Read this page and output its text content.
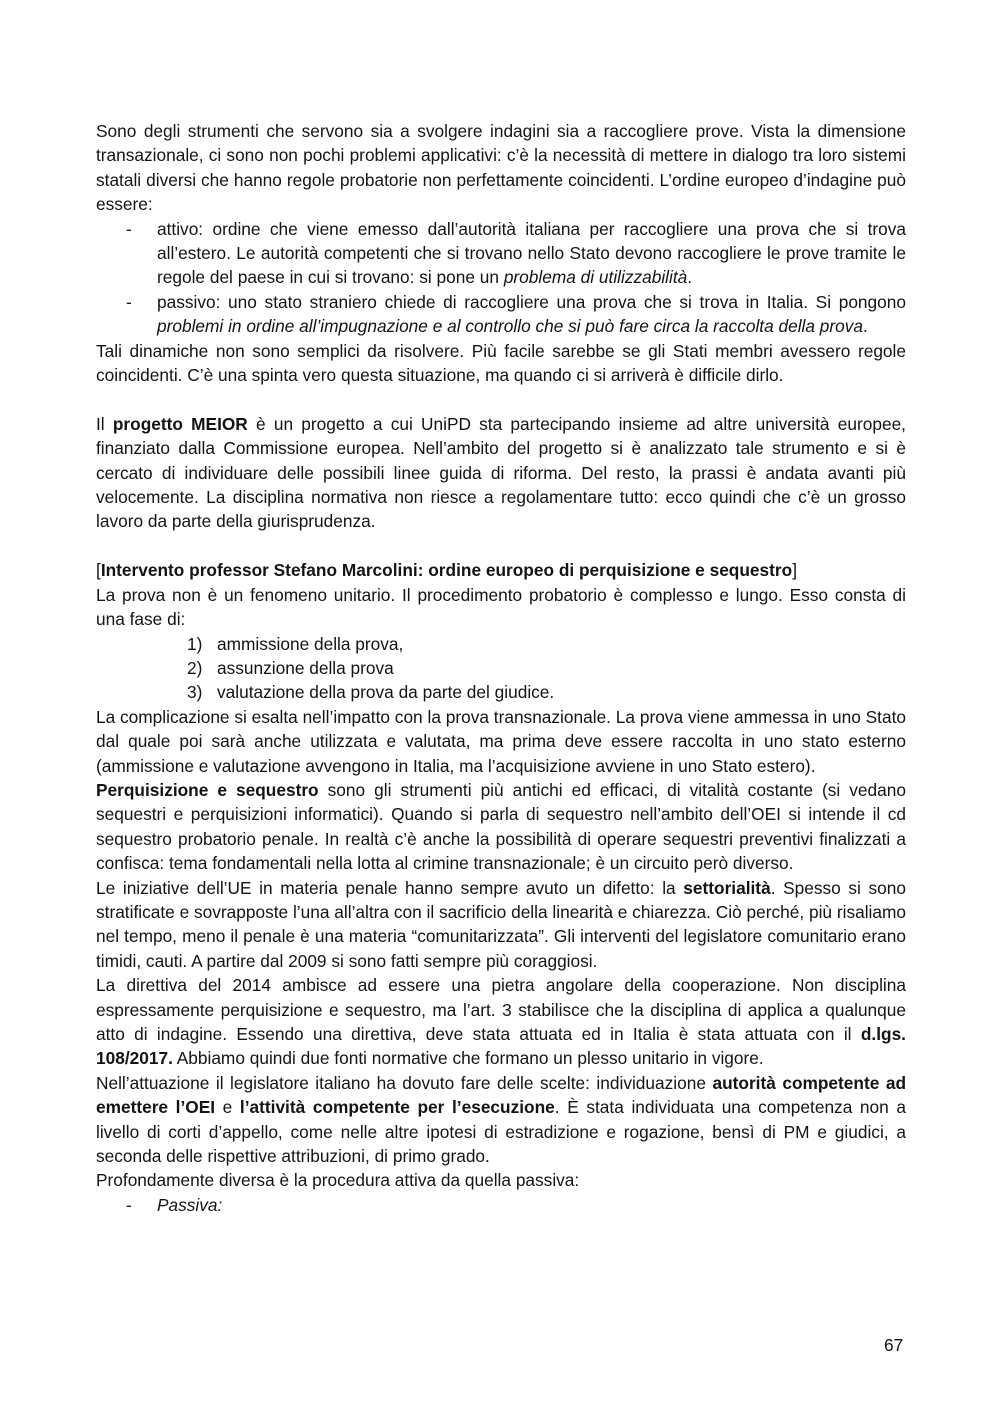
Sono degli strumenti che servono sia a svolgere indagini sia a raccogliere prove. Vista la dimensione transazionale, ci sono non pochi problemi applicativi: c’è la necessità di mettere in dialogo tra loro sistemi statali diversi che hanno regole probatorie non perfettamente coincidenti. L’ordine europeo d’indagine può essere:

- attivo: ordine che viene emesso dall’autorità italiana per raccogliere una prova che si trova all’estero. Le autorità competenti che si trovano nello Stato devono raccogliere le prove tramite le regole del paese in cui si trovano: si pone un problema di utilizzabilità.
- passivo: uno stato straniero chiede di raccogliere una prova che si trova in Italia. Si pongono problemi in ordine all’impugnazione e al controllo che si può fare circa la raccolta della prova.

Tali dinamiche non sono semplici da risolvere. Più facile sarebbe se gli Stati membri avessero regole coincidenti. C’è una spinta vero questa situazione, ma quando ci si arriverà è difficile dirlo.

Il progetto MEIOR è un progetto a cui UniPD sta partecipando insieme ad altre università europee, finanziato dalla Commissione europea. Nell’ambito del progetto si è analizzato tale strumento e si è cercato di individuare delle possibili linee guida di riforma. Del resto, la prassi è andata avanti più velocemente. La disciplina normativa non riesce a regolamentare tutto: ecco quindi che c’è un grosso lavoro da parte della giurisprudenza.

[Intervento professor Stefano Marcolini: ordine europeo di perquisizione e sequestro]

La prova non è un fenomeno unitario. Il procedimento probatorio è complesso e lungo. Esso consta di una fase di:

1) ammissione della prova,
2) assunzione della prova
3) valutazione della prova da parte del giudice.

La complicazione si esalta nell’impatto con la prova transnazionale. La prova viene ammessa in uno Stato dal quale poi sarà anche utilizzata e valutata, ma prima deve essere raccolta in uno stato esterno (ammissione e valutazione avvengono in Italia, ma l’acquisizione avviene in uno Stato estero).

Perquisizione e sequestro sono gli strumenti più antichi ed efficaci, di vitalità costante (si vedano sequestri e perquisizioni informatici). Quando si parla di sequestro nell’ambito dell’OEI si intende il cd sequestro probatorio penale. In realtà c’è anche la possibilità di operare sequestri preventivi finalizzati a confisca: tema fondamentali nella lotta al crimine transnazionale; è un circuito però diverso.

Le iniziative dell’UE in materia penale hanno sempre avuto un difetto: la settorialità. Spesso si sono stratificate e sovrapposte l’una all’altra con il sacrificio della linearità e chiarezza. Ciò perché, più risaliamo nel tempo, meno il penale è una materia “comunitarizzata”. Gli interventi del legislatore comunitario erano timidi, cauti. A partire dal 2009 si sono fatti sempre più coraggiosi.

La direttiva del 2014 ambisce ad essere una pietra angolare della cooperazione. Non disciplina espressamente perquisizione e sequestro, ma l’art. 3 stabilisce che la disciplina di applica a qualunque atto di indagine. Essendo una direttiva, deve stata attuata ed in Italia è stata attuata con il d.lgs. 108/2017. Abbiamo quindi due fonti normative che formano un plesso unitario in vigore.

Nell’attuazione il legislatore italiano ha dovuto fare delle scelte: individuazione autorità competente ad emettere l’OEI e l’attività competente per l’esecuzione. È stata individuata una competenza non a livello di corti d’appello, come nelle altre ipotesi di estradizione e rogazione, bensì di PM e giudici, a seconda delle rispettive attribuzioni, di primo grado.

Profondamente diversa è la procedura attiva da quella passiva:

- Passiva:
67
